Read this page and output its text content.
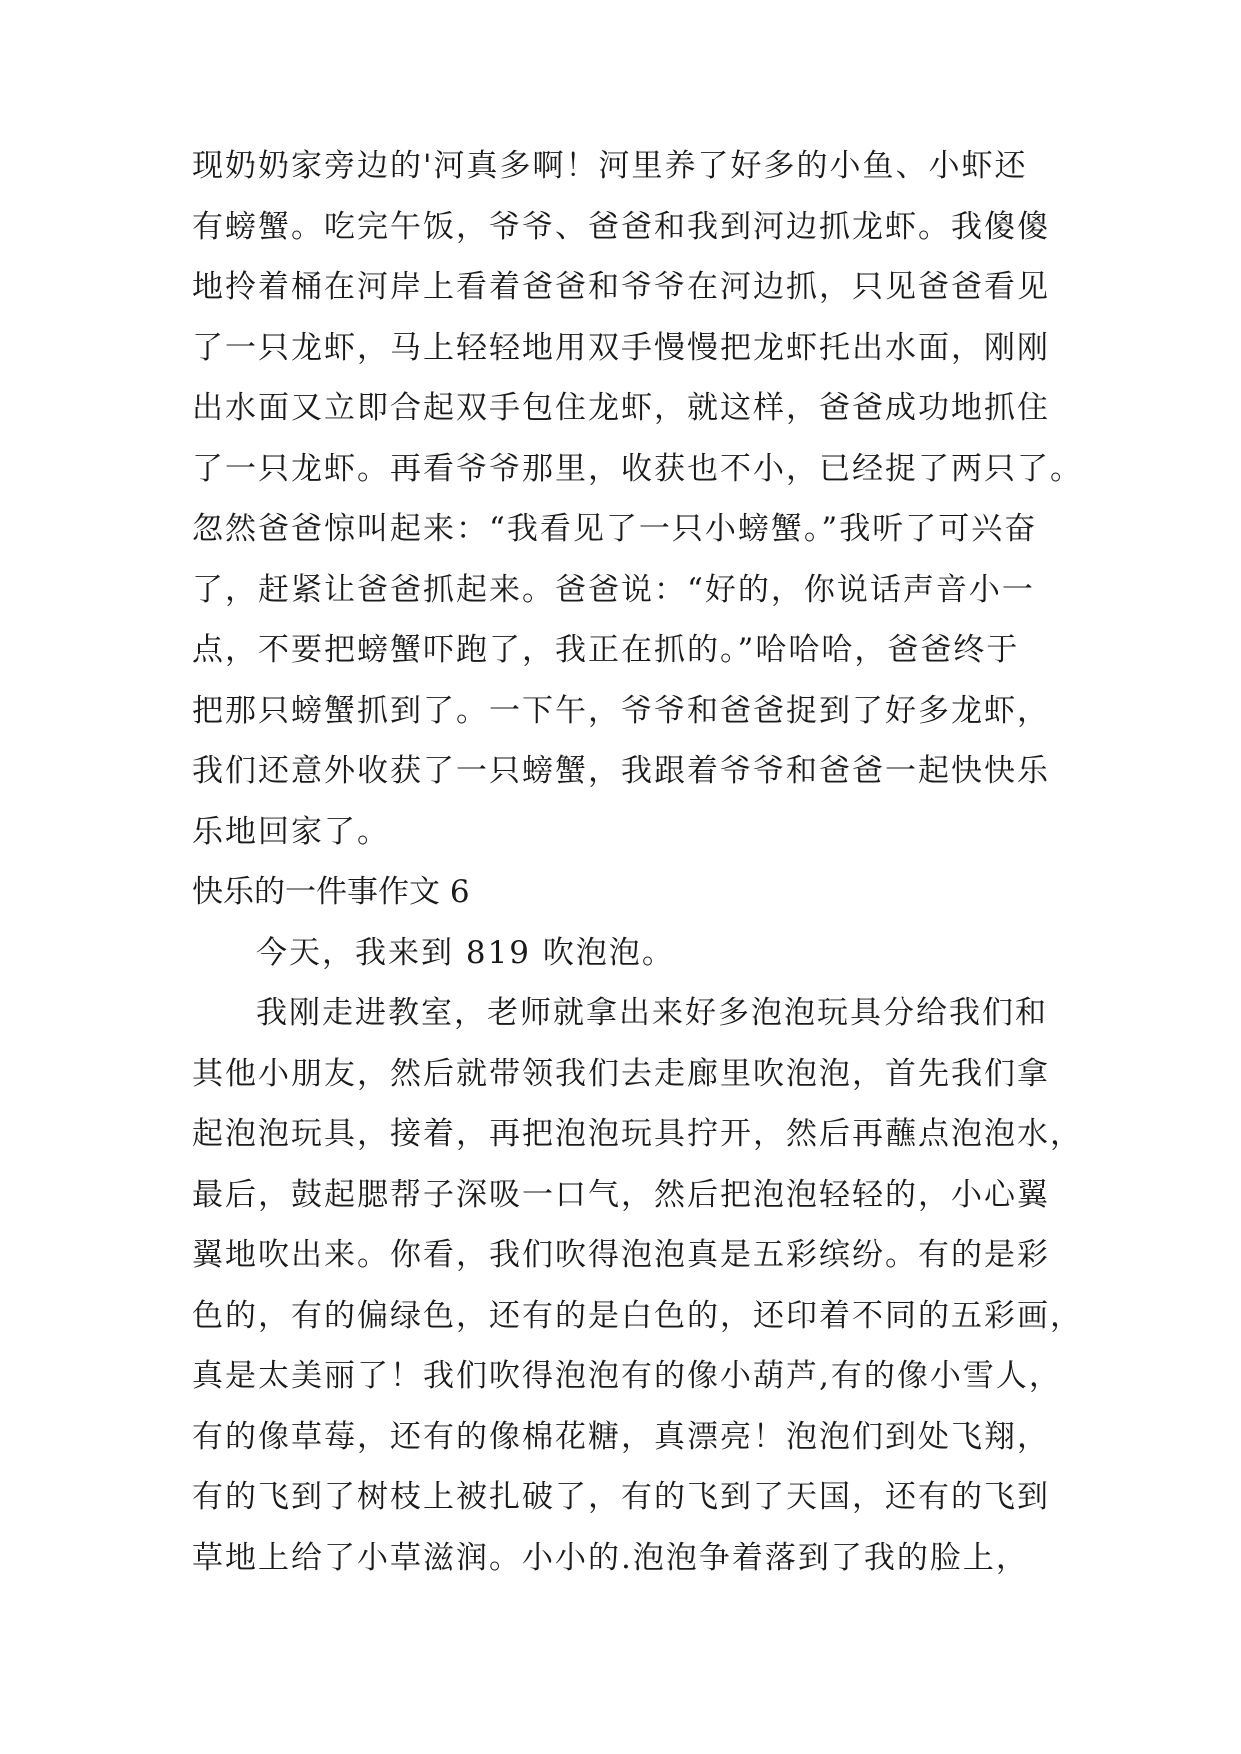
现奶奶家旁边的'河真多啊！河里养了好多的小鱼、小虾还
有螃蟹。吃完午饭，爷爷、爸爸和我到河边抓龙虾。我傻傻
地拎着桶在河岸上看着爸爸和爷爷在河边抓，只见爸爸看见
了一只龙虾，马上轻轻地用双手慢慢把龙虾托出水面，刚刚
出水面又立即合起双手包住龙虾，就这样，爸爸成功地抓住
了一只龙虾。再看爷爷那里，收获也不小，已经捉了两只了。
忽然爸爸惊叫起来：“我看见了一只小螃蟹。”我听了可兴奋
了，赶紧让爸爸抓起来。爸爸说：“好的，你说话声音小一
点，不要把螃蟹吓跑了，我正在抓的。”哈哈哈，爸爸终于
把那只螃蟹抓到了。一下午，爷爷和爸爸捉到了好多龙虾，
我们还意外收获了一只螃蟹，我跟着爷爷和爸爸一起快快乐
乐地回家了。
快乐的一件事作文 6
今天，我来到 819 吹泡泡。
我刚走进教室，老师就拿出来好多泡泡玩具分给我们和
其他小朋友，然后就带领我们去走廊里吹泡泡，首先我们拿
起泡泡玩具，接着，再把泡泡玩具拧开，然后再蘸点泡泡水，
最后，鼓起腮帮子深吸一口气，然后把泡泡轻轻的，小心翼
翼地吹出来。你看，我们吹得泡泡真是五彩缤纷。有的是彩
色的，有的偏绿色，还有的是白色的，还印着不同的五彩画，
真是太美丽了！我们吹得泡泡有的像小葫芦,有的像小雪人，
有的像草莓，还有的像棉花糖，真漂亮！泡泡们到处飞翔，
有的飞到了树枝上被扎破了，有的飞到了天国，还有的飞到
草地上给了小草滋润。小小的.泡泡争着落到了我的脸上，
